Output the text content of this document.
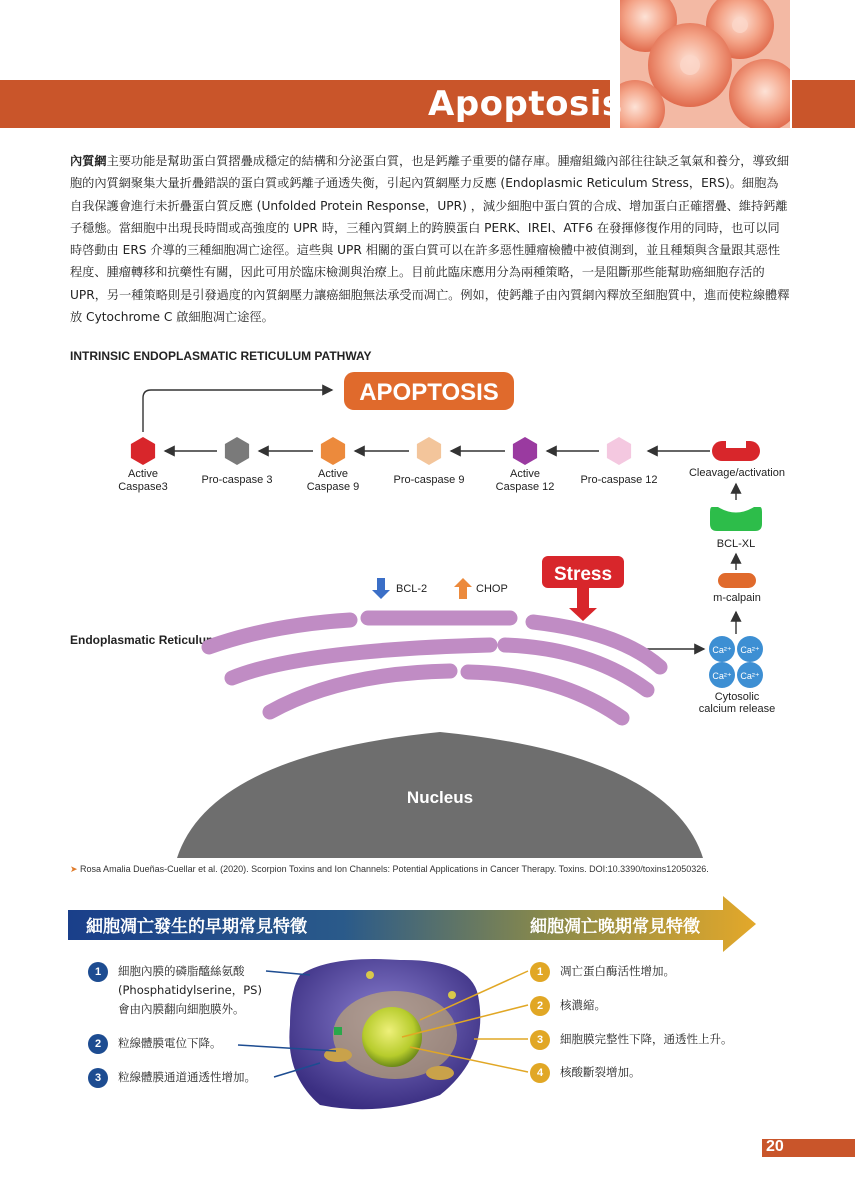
Apoptosis
內質網主要功能是幫助蛋白質摺疊成穩定的結構和分泌蛋白質，也是鈣離子重要的儲存庫。腫瘤組織內部往往缺乏氧氣和養分，導致細胞的內質網聚集大量折疊錯誤的蛋白質或鈣離子通透失衡，引起內質網壓力反應 (Endoplasmic Reticulum Stress，ERS)。細胞為自我保護會進行未折疊蛋白質反應 (Unfolded Protein Response，UPR) ，減少細胞中蛋白質的合成、增加蛋白正確摺疊、維持鈣離子穩態。當細胞中出現長時間或高強度的 UPR 時，三種內質網上的跨膜蛋白 PERK、IREI、ATF6 在發揮修復作用的同時，也可以同時啓動由 ERS 介導的三種細胞凋亡途徑。這些與 UPR 相關的蛋白質可以在許多惡性腫瘤檢體中被偵測到，並且種類與含量跟其惡性程度、腫瘤轉移和抗藥性有關，因此可用於臨床檢測與治療上。目前此臨床應用分為兩種策略，一是阻斷那些能幫助癌細胞存活的 UPR，另一種策略則是引發過度的內質網壓力讓癌細胞無法承受而凋亡。例如，使鈣離子由內質網內釋放至細胞質中，進而使粒線體釋放 Cytochrome C 啟細胞凋亡途徑。
INTRINSIC ENDOPLASMATIC RETICULUM PATHWAY
APOPTOSIS
Active
Caspase3
Pro-caspase 3	Active
Caspase 9
Pro-caspase 9	Active
Caspase 12
Pro-caspase 12
Cleavage/activation
BCL-XL
m-calpain
Ca²⁺ Ca²⁺
Ca²⁺ Ca²⁺
Cytosolic
calcium release
Stress
BCL-2	CHOP
Endoplasmatic Reticulum
Nucleus
➤ Rosa Amalia Dueñas-Cuellar et al. (2020). Scorpion Toxins and Ion Channels: Potential Applications in Cancer Therapy. Toxins. DOI:10.3390/toxins12050326.
細胞凋亡發生的早期常見特徵	細胞凋亡晚期常見特徵
1	細胞內膜的磷脂醯絲氨酸
(Phosphatidylserine，PS)
會由內膜翻向細胞膜外。
2	粒線體膜電位下降。
3	粒線體膜通道通透性增加。
1	凋亡蛋白酶活性增加。
2	核濃縮。
3	細胞膜完整性下降，通透性上升。
4	核酸斷裂增加。
20
